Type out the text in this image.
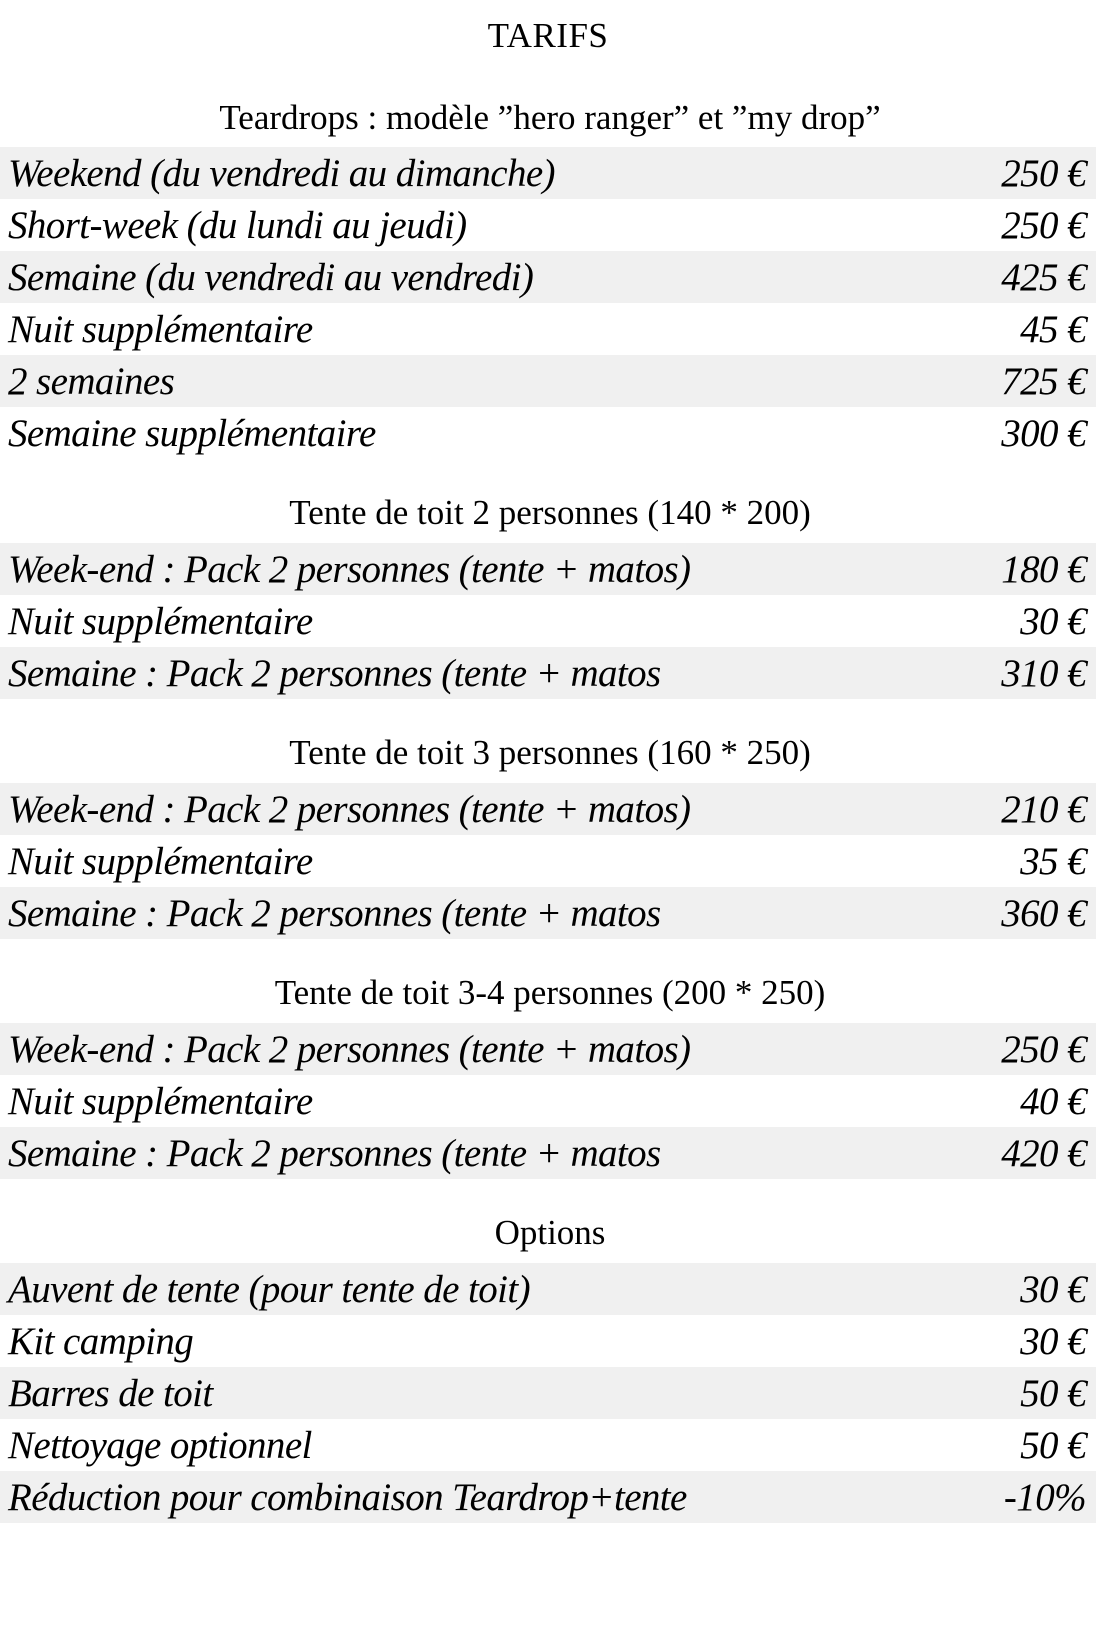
TARIFS
Teardrops : modèle ”hero ranger” et ”my drop”
Weekend (du vendredi au dimanche)	250 €
Short-week (du lundi au jeudi)	250 €
Semaine (du vendredi au vendredi)	425 €
Nuit supplémentaire	45 €
2 semaines	725 €
Semaine supplémentaire	300 €
Tente de toit 2 personnes (140 * 200)
Week-end : Pack 2 personnes (tente + matos)	180 €
Nuit supplémentaire	30 €
Semaine : Pack 2 personnes (tente + matos	310 €
Tente de toit 3 personnes (160 * 250)
Week-end : Pack 2 personnes (tente + matos)	210 €
Nuit supplémentaire	35 €
Semaine : Pack 2 personnes (tente + matos	360 €
Tente de toit 3-4 personnes (200 * 250)
Week-end : Pack 2 personnes (tente + matos)	250 €
Nuit supplémentaire	40 €
Semaine : Pack 2 personnes (tente + matos	420 €
Options
Auvent de tente (pour tente de toit)	30 €
Kit camping	30 €
Barres de toit	50 €
Nettoyage optionnel	50 €
Réduction pour combinaison Teardrop+tente	-10%
